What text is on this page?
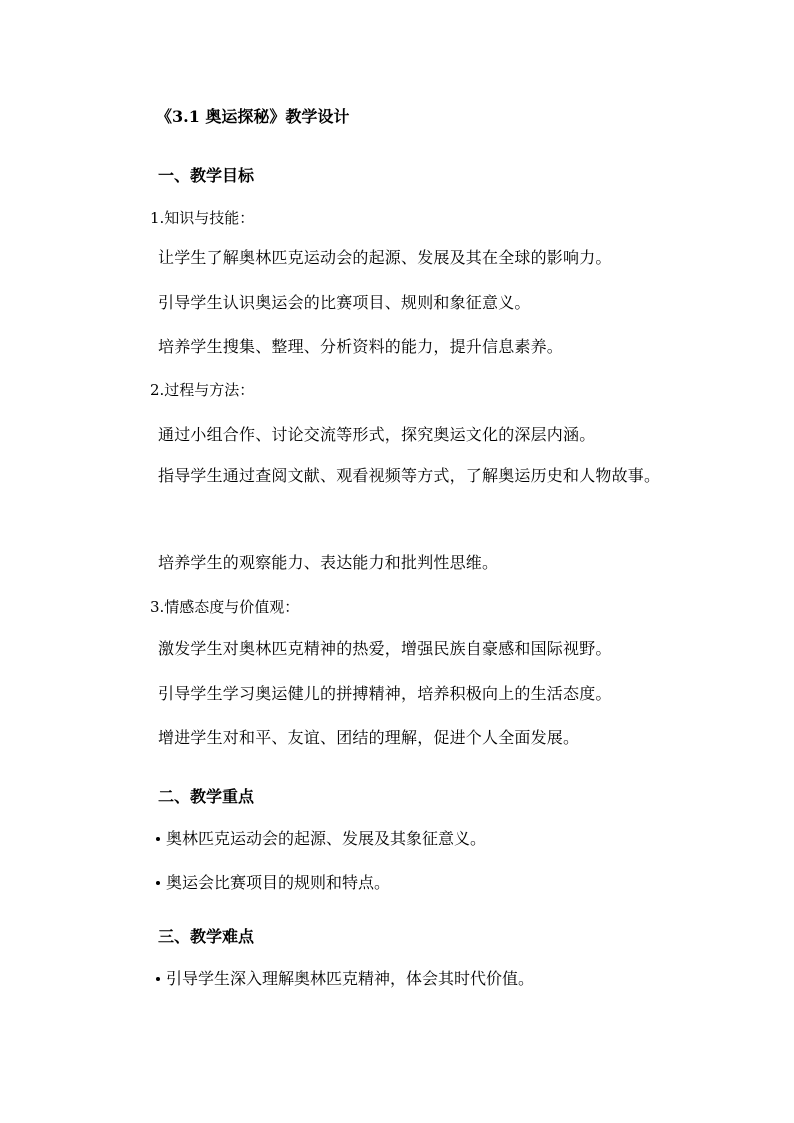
《3.1 奥运探秘》教学设计
一、教学目标
1.知识与技能：
让学生了解奥林匹克运动会的起源、发展及其在全球的影响力。
引导学生认识奥运会的比赛项目、规则和象征意义。
培养学生搜集、整理、分析资料的能力，提升信息素养。
2.过程与方法：
通过小组合作、讨论交流等形式，探究奥运文化的深层内涵。
指导学生通过查阅文献、观看视频等方式，了解奥运历史和人物故事。
培养学生的观察能力、表达能力和批判性思维。
3.情感态度与价值观：
激发学生对奥林匹克精神的热爱，增强民族自豪感和国际视野。
引导学生学习奥运健儿的拼搏精神，培养积极向上的生活态度。
增进学生对和平、友谊、团结的理解，促进个人全面发展。
二、教学重点
奥林匹克运动会的起源、发展及其象征意义。
奥运会比赛项目的规则和特点。
三、教学难点
引导学生深入理解奥林匹克精神，体会其时代价值。
